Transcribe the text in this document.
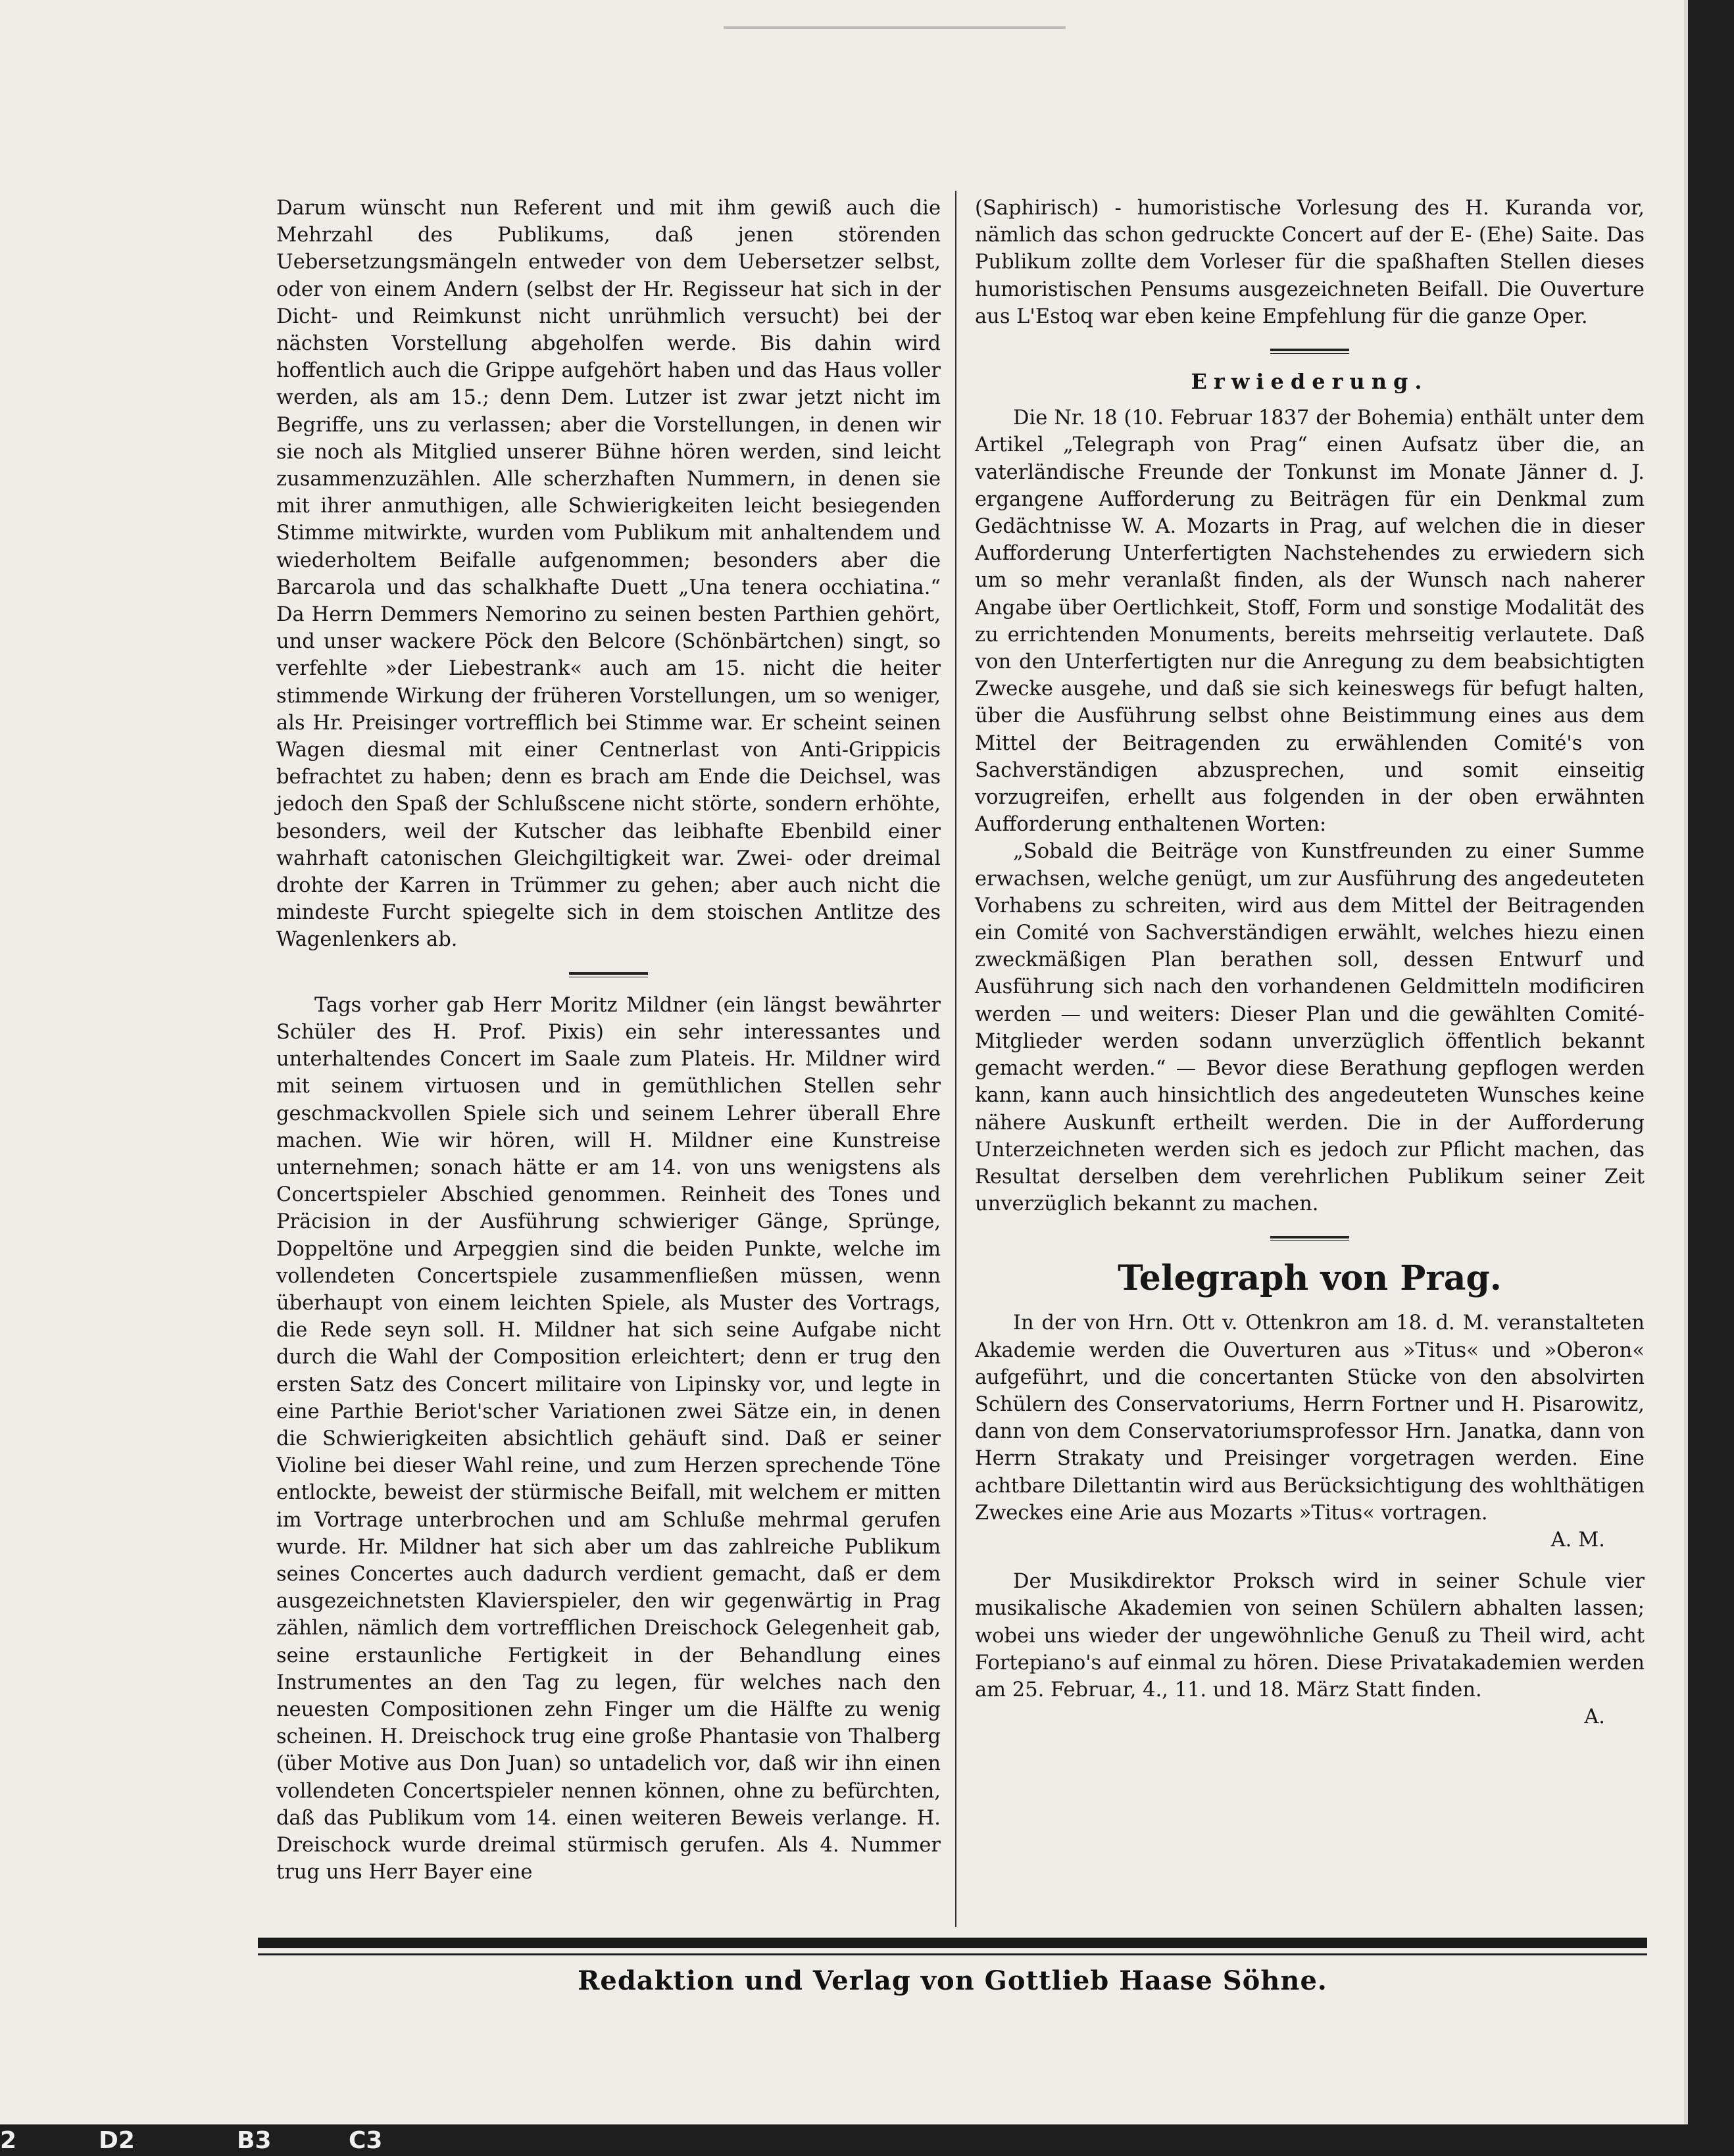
Darum wünscht nun Referent und mit ihm gewiß auch die Mehrzahl des Publikums, daß jenen störenden Uebersetzungsmängeln entweder von dem Uebersetzer selbst, oder von einem Andern (selbst der Hr. Regisseur hat sich in der Dicht- und Reimkunst nicht unrühmlich versucht) bei der nächsten Vorstellung abgeholfen werde. Bis dahin wird hoffentlich auch die Grippe aufgehört haben und das Haus voller werden, als am 15.; denn Dem. Lutzer ist zwar jetzt nicht im Begriffe, uns zu verlassen; aber die Vorstellungen, in denen wir sie noch als Mitglied unserer Bühne hören werden, sind leicht zusammenzuzählen. Alle scherzhaften Nummern, in denen sie mit ihrer anmuthigen, alle Schwierigkeiten leicht besiegenden Stimme mitwirkte, wurden vom Publikum mit anhaltendem und wiederholtem Beifalle aufgenommen; besonders aber die Barcarola und das schalkhafte Duett „Una tenera occhiatina.“ Da Herrn Demmers Nemorino zu seinen besten Parthien gehört, und unser wackere Pöck den Belcore (Schönbärtchen) singt, so verfehlte »der Liebestrank« auch am 15. nicht die heiter stimmende Wirkung der früheren Vorstellungen, um so weniger, als Hr. Preisinger vortrefflich bei Stimme war. Er scheint seinen Wagen diesmal mit einer Centnerlast von Anti-Grippicis befrachtet zu haben; denn es brach am Ende die Deichsel, was jedoch den Spaß der Schlußscene nicht störte, sondern erhöhte, besonders, weil der Kutscher das leibhafte Ebenbild einer wahrhaft catonischen Gleichgiltigkeit war. Zwei- oder dreimal drohte der Karren in Trümmer zu gehen; aber auch nicht die mindeste Furcht spiegelte sich in dem stoischen Antlitze des Wagenlenkers ab.

Tags vorher gab Herr Moritz Mildner (ein längst bewährter Schüler des H. Prof. Pixis) ein sehr interessantes und unterhaltendes Concert im Saale zum Plateis. Hr. Mildner wird mit seinem virtuosen und in gemüthlichen Stellen sehr geschmackvollen Spiele sich und seinem Lehrer überall Ehre machen. Wie wir hören, will H. Mildner eine Kunstreise unternehmen; sonach hätte er am 14. von uns wenigstens als Concertspieler Abschied genommen. Reinheit des Tones und Präcision in der Ausführung schwieriger Gänge, Sprünge, Doppeltöne und Arpeggien sind die beiden Punkte, welche im vollendeten Concertspiele zusammenfließen müssen, wenn überhaupt von einem leichten Spiele, als Muster des Vortrags, die Rede seyn soll. H. Mildner hat sich seine Aufgabe nicht durch die Wahl der Composition erleichtert; denn er trug den ersten Satz des Concert militaire von Lipinsky vor, und legte in eine Parthie Beriot'scher Variationen zwei Sätze ein, in denen die Schwierigkeiten absichtlich gehäuft sind. Daß er seiner Violine bei dieser Wahl reine, und zum Herzen sprechende Töne entlockte, beweist der stürmische Beifall, mit welchem er mitten im Vortrage unterbrochen und am Schluße mehrmal gerufen wurde. Hr. Mildner hat sich aber um das zahlreiche Publikum seines Concertes auch dadurch verdient gemacht, daß er dem ausgezeichnetsten Klavierspieler, den wir gegenwärtig in Prag zählen, nämlich dem vortrefflichen Dreischock Gelegenheit gab, seine erstaunliche Fertigkeit in der Behandlung eines Instrumentes an den Tag zu legen, für welches nach den neuesten Compositionen zehn Finger um die Hälfte zu wenig scheinen. H. Dreischock trug eine große Phantasie von Thalberg (über Motive aus Don Juan) so untadelich vor, daß wir ihn einen vollendeten Concertspieler nennen können, ohne zu befürchten, daß das Publikum vom 14. einen weiteren Beweis verlange. H. Dreischock wurde dreimal stürmisch gerufen. Als 4. Nummer trug uns Herr Bayer eine

(Saphirisch) - humoristische Vorlesung des H. Kuranda vor, nämlich das schon gedruckte Concert auf der E- (Ehe) Saite. Das Publikum zollte dem Vorleser für die spaßhaften Stellen dieses humoristischen Pensums ausgezeichneten Beifall. Die Ouverture aus L'Estoq war eben keine Empfehlung für die ganze Oper.

Erwiederung.

Die Nr. 18 (10. Februar 1837 der Bohemia) enthält unter dem Artikel „Telegraph von Prag“ einen Aufsatz über die, an vaterländische Freunde der Tonkunst im Monate Jänner d. J. ergangene Aufforderung zu Beiträgen für ein Denkmal zum Gedächtnisse W. A. Mozarts in Prag, auf welchen die in dieser Aufforderung Unterfertigten Nachstehendes zu erwiedern sich um so mehr veranlaßt finden, als der Wunsch nach naherer Angabe über Oertlichkeit, Stoff, Form und sonstige Modalität des zu errichtenden Monuments, bereits mehrseitig verlautete. Daß von den Unterfertigten nur die Anregung zu dem beabsichtigten Zwecke ausgehe, und daß sie sich keineswegs für befugt halten, über die Ausführung selbst ohne Beistimmung eines aus dem Mittel der Beitragenden zu erwählenden Comité's von Sachverständigen abzusprechen, und somit einseitig vorzugreifen, erhellt aus folgenden in der oben erwähnten Aufforderung enthaltenen Worten:

„Sobald die Beiträge von Kunstfreunden zu einer Summe erwachsen, welche genügt, um zur Ausführung des angedeuteten Vorhabens zu schreiten, wird aus dem Mittel der Beitragenden ein Comité von Sachverständigen erwählt, welches hiezu einen zweckmäßigen Plan berathen soll, dessen Entwurf und Ausführung sich nach den vorhandenen Geldmitteln modificiren werden — und weiters: Dieser Plan und die gewählten Comité-Mitglieder werden sodann unverzüglich öffentlich bekannt gemacht werden.“ — Bevor diese Berathung gepflogen werden kann, kann auch hinsichtlich des angedeuteten Wunsches keine nähere Auskunft ertheilt werden. Die in der Aufforderung Unterzeichneten werden sich es jedoch zur Pflicht machen, das Resultat derselben dem verehrlichen Publikum seiner Zeit unverzüglich bekannt zu machen.

Telegraph von Prag.

In der von Hrn. Ott v. Ottenkron am 18. d. M. veranstalteten Akademie werden die Ouverturen aus »Titus« und »Oberon« aufgeführt, und die concertanten Stücke von den absolvirten Schülern des Conservatoriums, Herrn Fortner und H. Pisarowitz, dann von dem Conservatoriumsprofessor Hrn. Janatka, dann von Herrn Strakaty und Preisinger vorgetragen werden. Eine achtbare Dilettantin wird aus Berücksichtigung des wohlthätigen Zweckes eine Arie aus Mozarts »Titus« vortragen.

A. M.

Der Musikdirektor Proksch wird in seiner Schule vier musikalische Akademien von seinen Schülern abhalten lassen; wobei uns wieder der ungewöhnliche Genuß zu Theil wird, acht Fortepiano's auf einmal zu hören. Diese Privatakademien werden am 25. Februar, 4., 11. und 18. März Statt finden.

A.

Redaktion und Verlag von Gottlieb Haase Söhne.
2	D2	B3	C3
